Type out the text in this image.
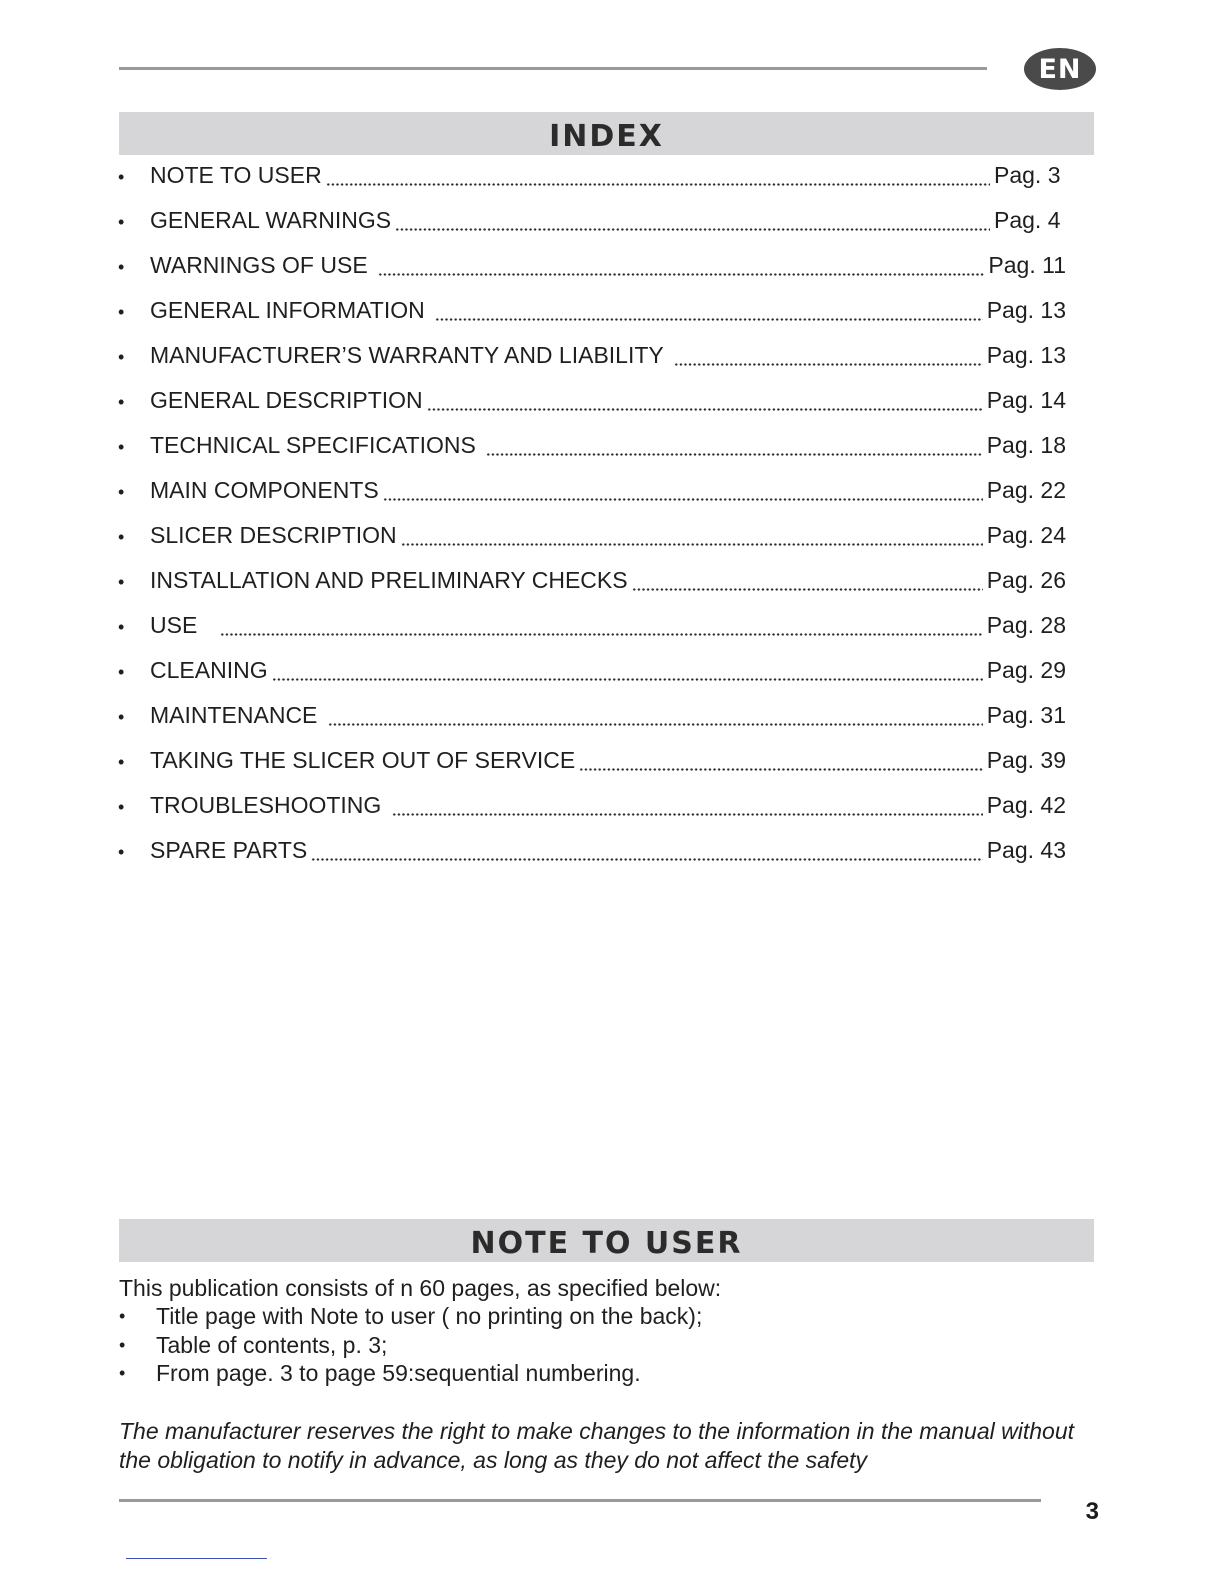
EN
INDEX
•	NOTE TO USER	Pag. 3
•	GENERAL WARNINGS	Pag. 4
•	WARNINGS OF USE	Pag. 11
•	GENERAL INFORMATION	Pag. 13
•	MANUFACTURER’S WARRANTY AND LIABILITY	Pag. 13
•	GENERAL DESCRIPTION	Pag. 14
•	TECHNICAL SPECIFICATIONS	Pag. 18
•	MAIN COMPONENTS	Pag. 22
•	SLICER DESCRIPTION	Pag. 24
•	INSTALLATION AND PRELIMINARY CHECKS	Pag. 26
•	USE	Pag. 28
•	CLEANING	Pag. 29
•	MAINTENANCE	Pag. 31
•	TAKING THE SLICER OUT OF SERVICE	Pag. 39
•	TROUBLESHOOTING	Pag. 42
•	SPARE PARTS	Pag. 43
NOTE TO USER

This publication consists of n 60 pages, as specified below:

•	Title page with Note to user ( no printing on the back);
•	Table of contents, p. 3;
•	From page. 3 to page 59:sequential numbering.

The manufacturer reserves the right to make changes to the information in the manual without the obligation to notify in advance, as long as they do not affect the safety

3
